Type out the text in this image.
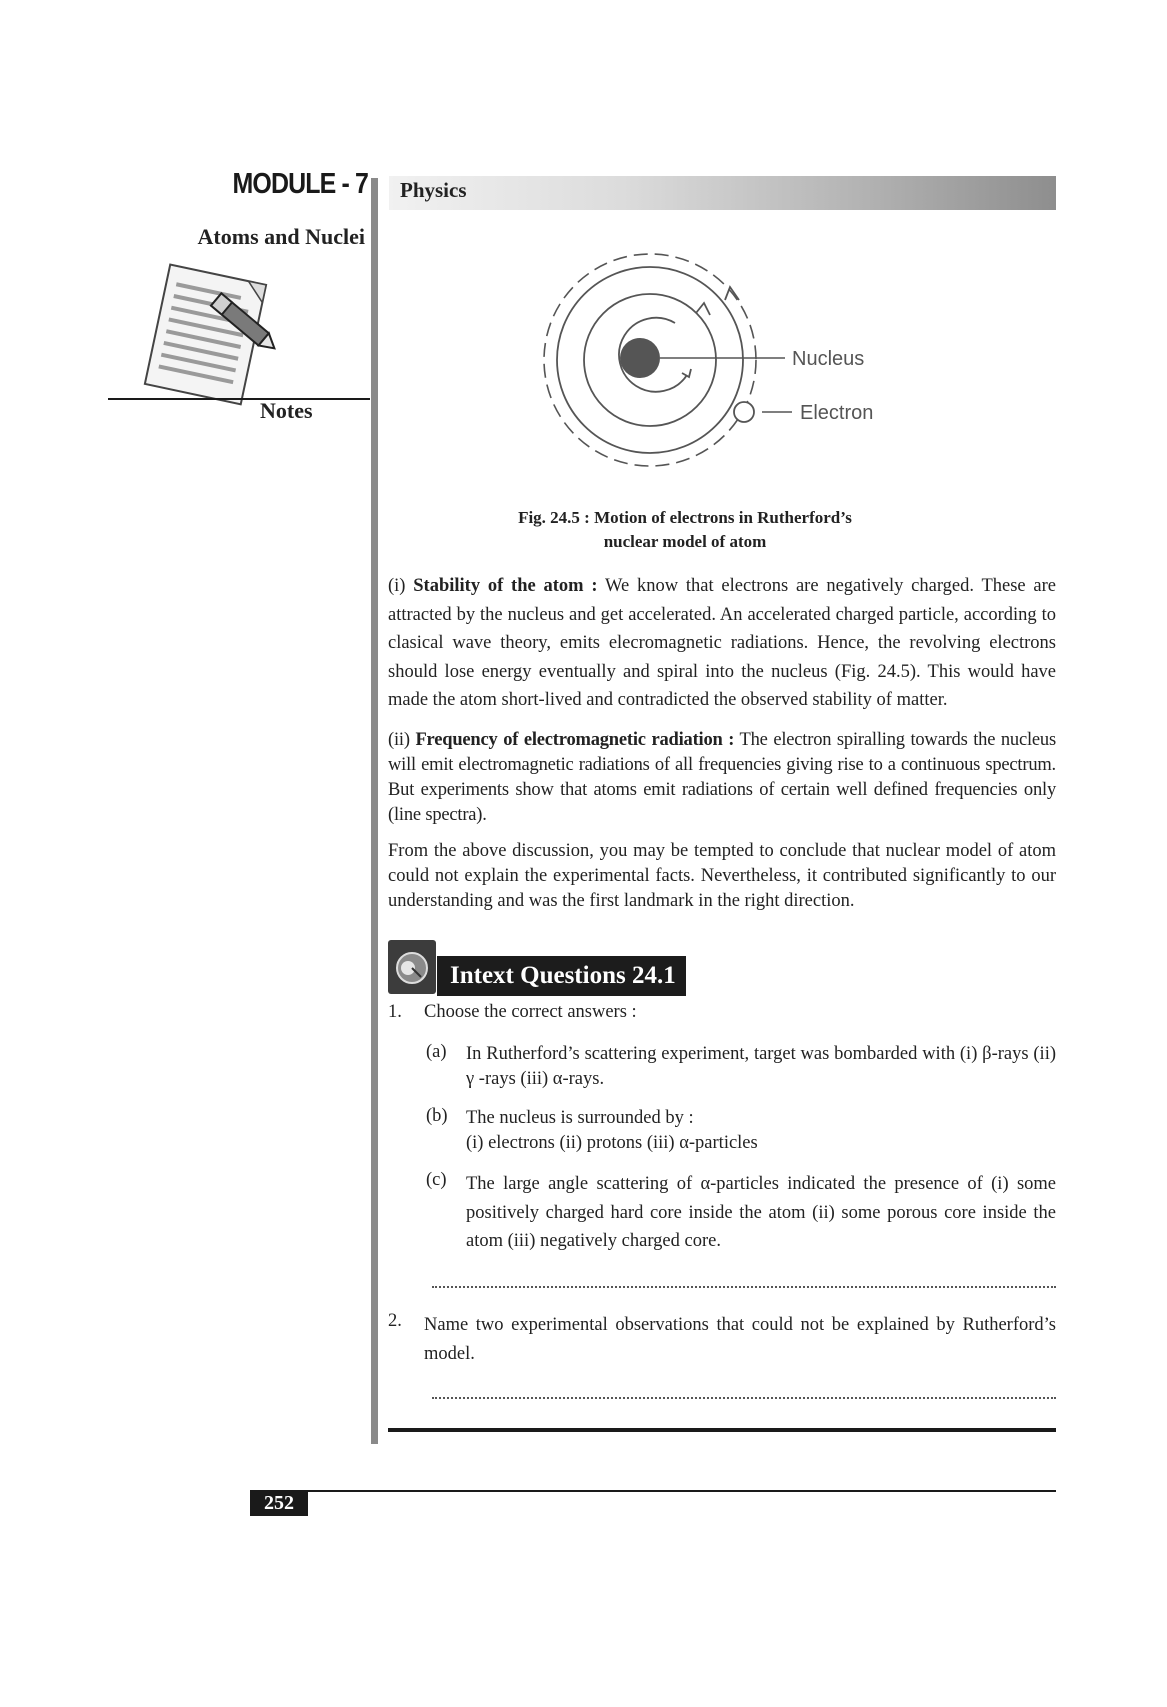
MODULE - 7
Atoms and Nuclei
Notes
Physics
Nucleus
Electron
Fig. 24.5 : Motion of electrons in Rutherford’s
nuclear model of atom
(i) Stability of the atom : We know that electrons are negatively charged. These are attracted by the nucleus and get accelerated. An accelerated charged particle, according to clasical wave theory, emits elecromagnetic radiations. Hence, the revolving electrons should lose energy eventually and spiral into the nucleus (Fig. 24.5). This would have made the atom short-lived and contradicted the observed stability of matter.
(ii) Frequency of electromagnetic radiation : The electron spiralling towards the nucleus will emit electromagnetic radiations of all frequencies giving rise to a continuous spectrum. But experiments show that atoms emit radiations of certain well defined frequencies only (line spectra).
From the above discussion, you may be tempted to conclude that nuclear model of atom could not explain the experimental facts. Nevertheless, it contributed significantly to our understanding and was the first landmark in the right direction.
Intext Questions 24.1
1. Choose the correct answers :
(a) In Rutherford’s scattering experiment, target was bombarded with (i) β-rays (ii) γ -rays (iii) α-rays.
(b) The nucleus is surrounded by :
(i) electrons (ii) protons (iii) α-particles
(c) The large angle scattering of α-particles indicated the presence of (i) some positively charged hard core inside the atom (ii) some porous core inside the atom (iii) negatively charged core.
2. Name two experimental observations that could not be explained by Rutherford’s model.
252
